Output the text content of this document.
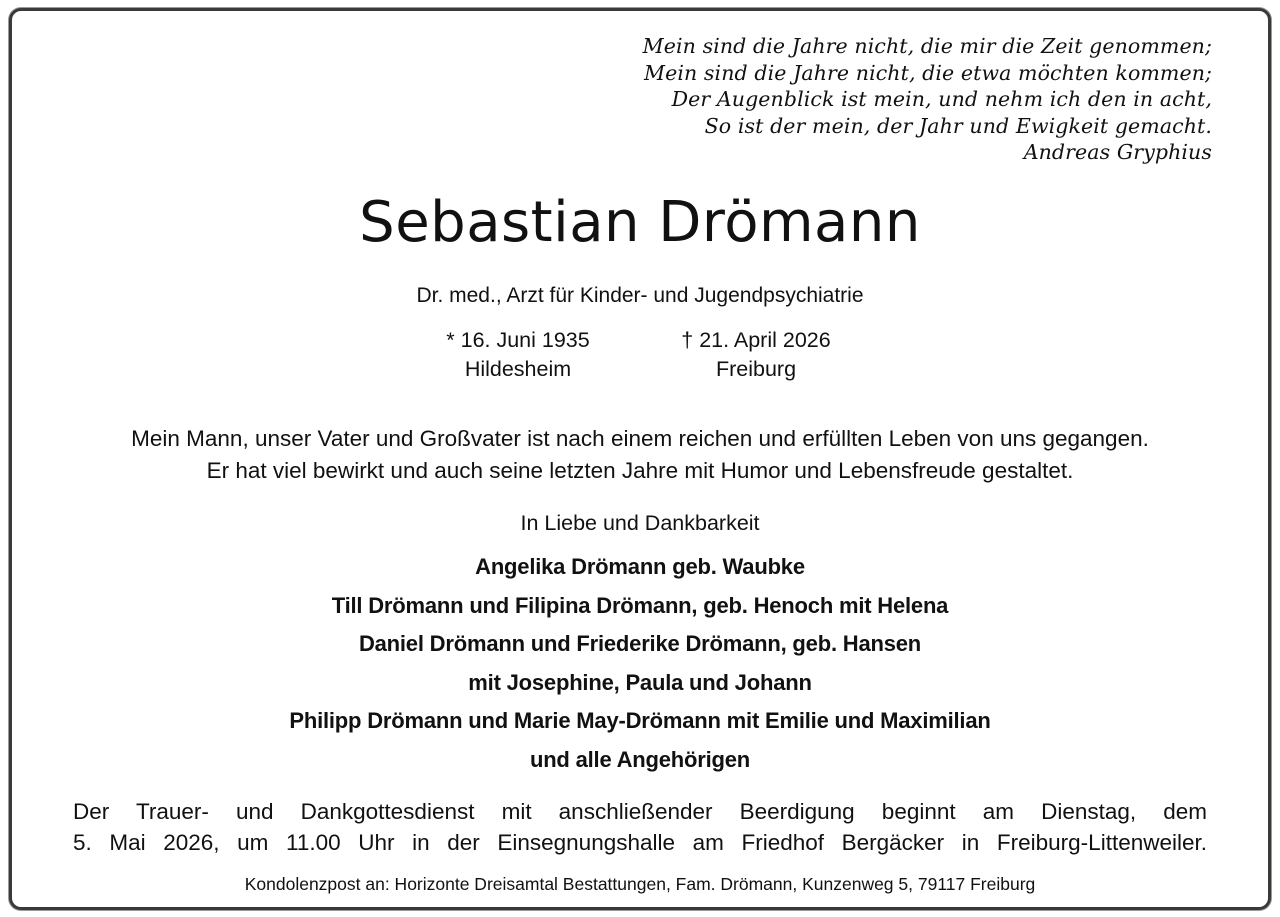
Mein sind die Jahre nicht, die mir die Zeit genommen;
Mein sind die Jahre nicht, die etwa möchten kommen;
Der Augenblick ist mein, und nehm ich den in acht,
So ist der mein, der Jahr und Ewigkeit gemacht.
Andreas Gryphius
Sebastian Drömann
Dr. med., Arzt für Kinder- und Jugendpsychiatrie
* 16. Juni 1935
Hildesheim
† 21. April 2026
Freiburg
Mein Mann, unser Vater und Großvater ist nach einem reichen und erfüllten Leben von uns gegangen.
Er hat viel bewirkt und auch seine letzten Jahre mit Humor und Lebensfreude gestaltet.
In Liebe und Dankbarkeit
Angelika Drömann geb. Waubke
Till Drömann und Filipina Drömann, geb. Henoch mit Helena
Daniel Drömann und Friederike Drömann, geb. Hansen
mit Josephine, Paula und Johann
Philipp Drömann und Marie May-Drömann mit Emilie und Maximilian
und alle Angehörigen
Der Trauer- und Dankgottesdienst mit anschließender Beerdigung beginnt am Dienstag, dem
5. Mai 2026, um 11.00 Uhr in der Einsegnungshalle am Friedhof Bergäcker in Freiburg-Littenweiler.
Kondolenzpost an: Horizonte Dreisamtal Bestattungen, Fam. Drömann, Kunzenweg 5, 79117 Freiburg
